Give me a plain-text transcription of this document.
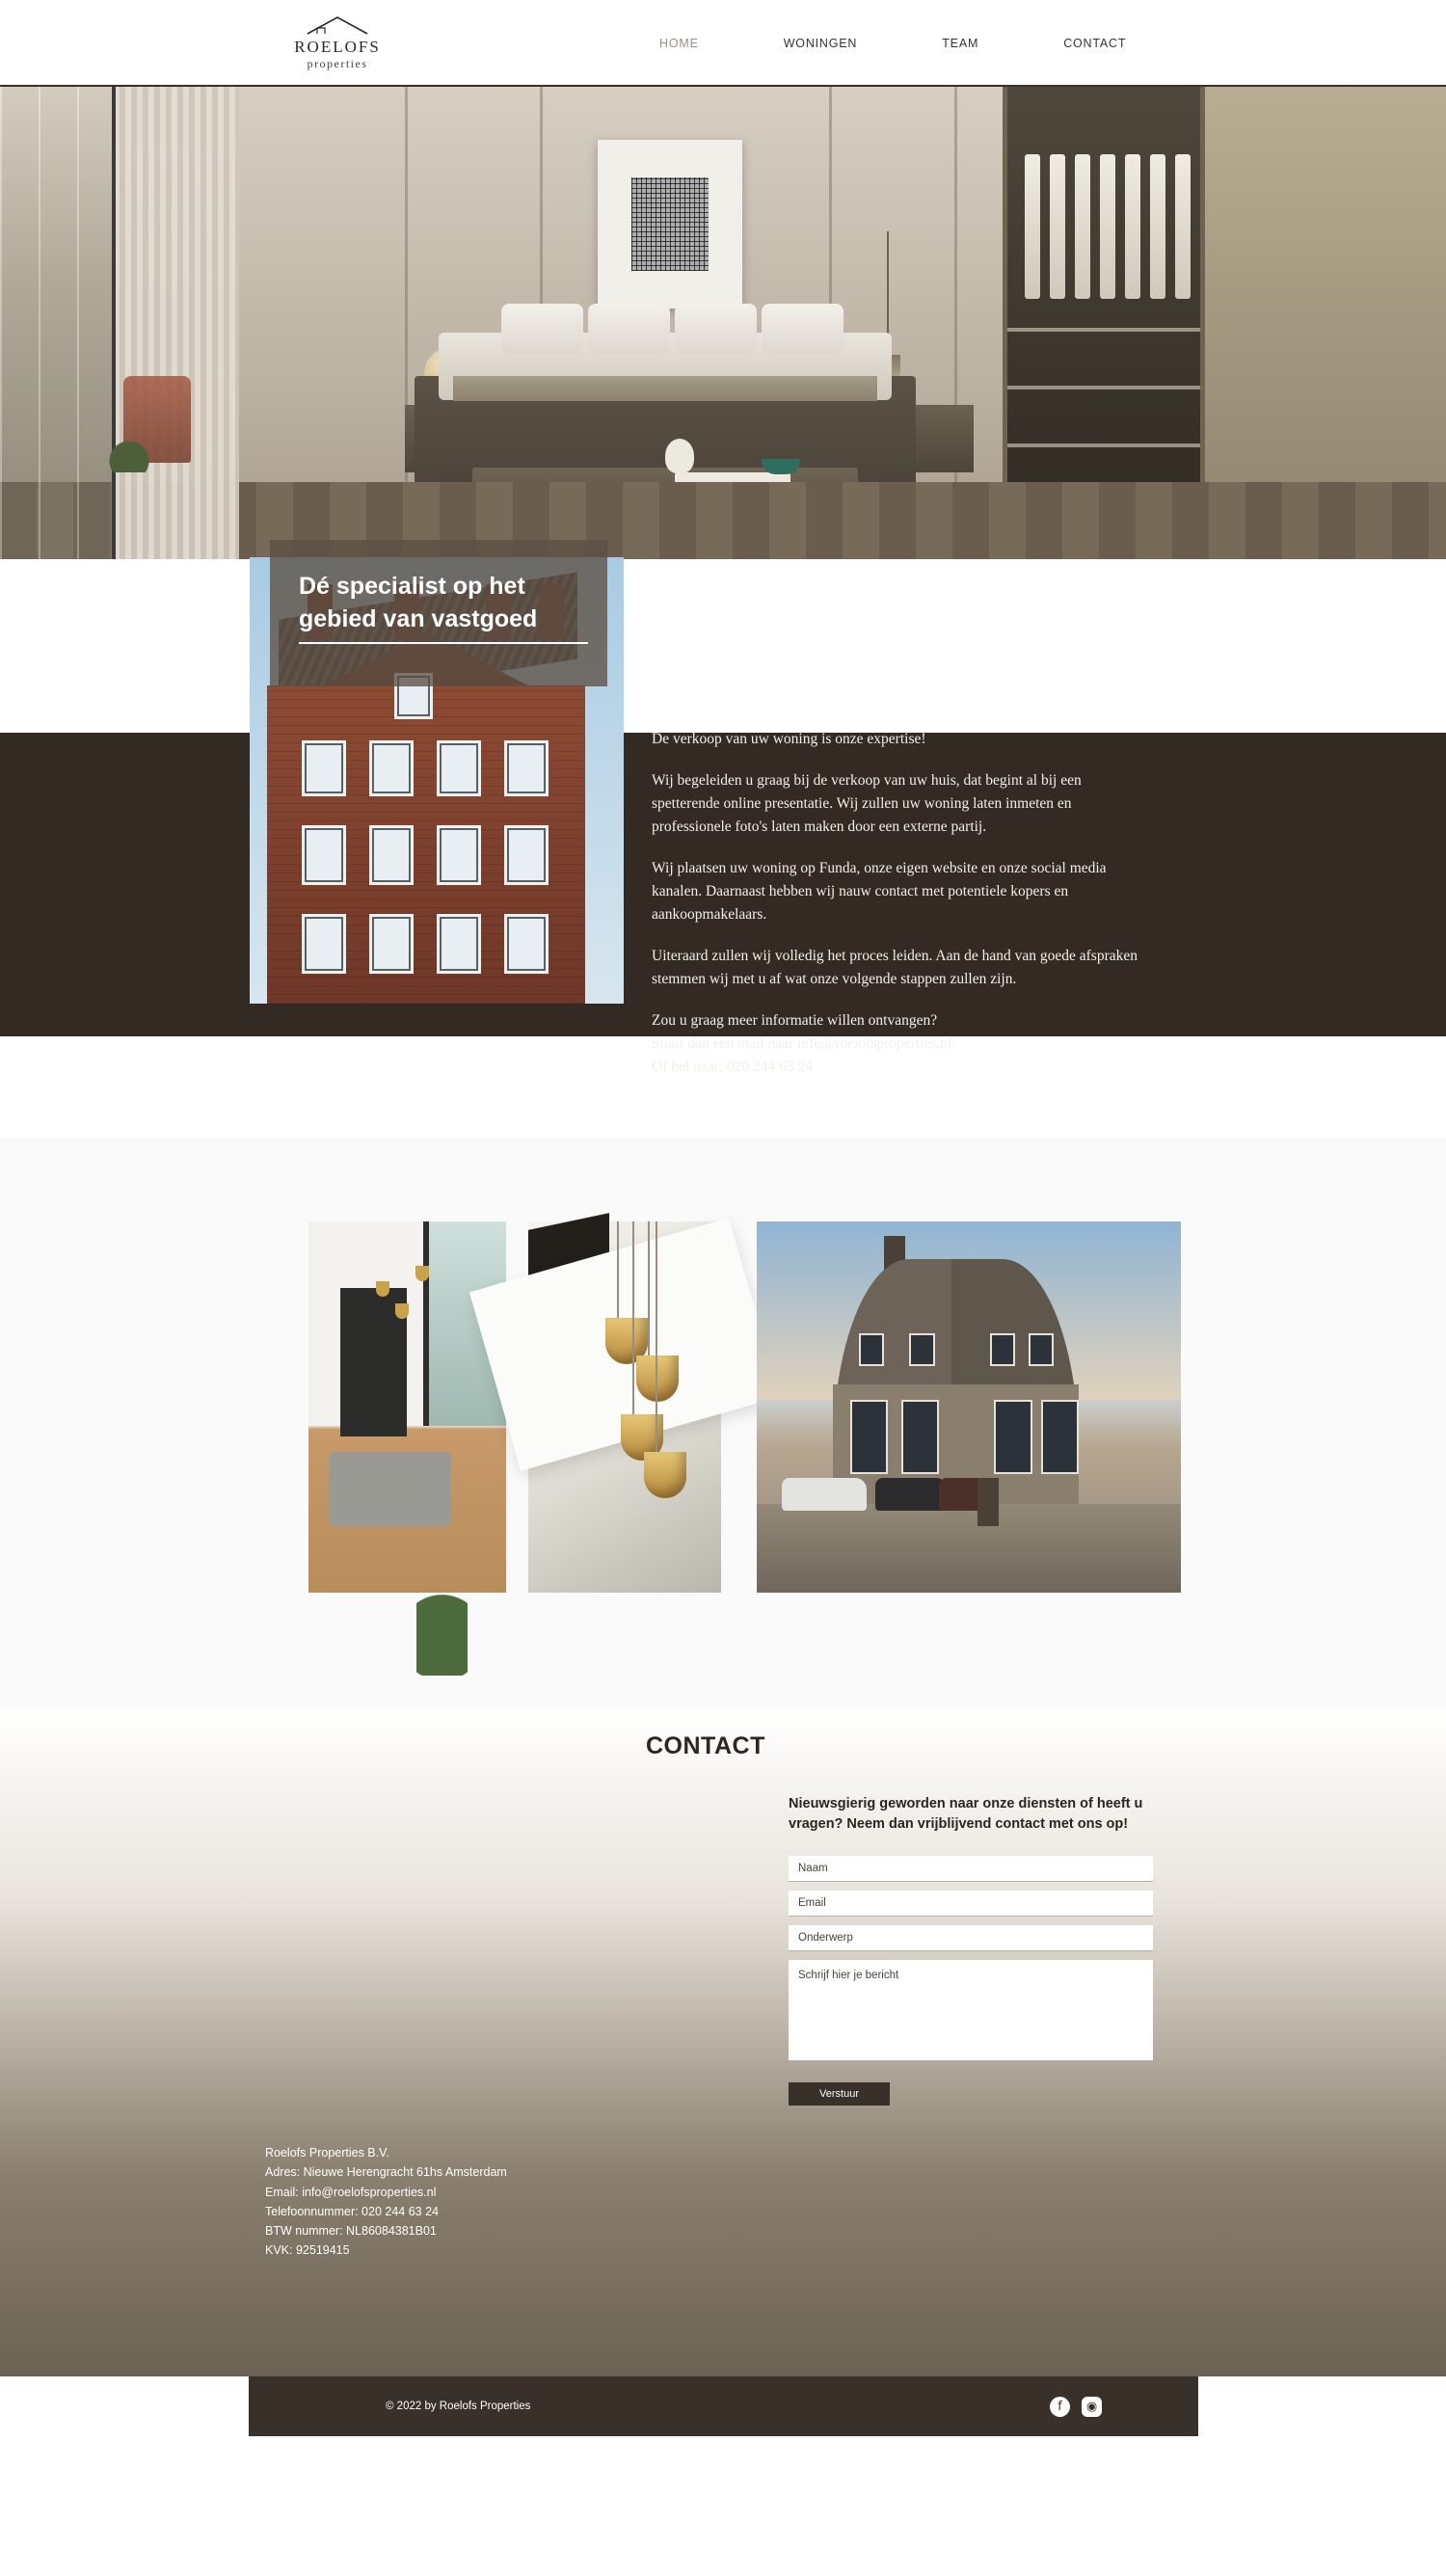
ROELOFS
properties
HOME	WONINGEN	TEAM	CONTACT
Dé specialist op het
gebied van vastgoed

De verkoop van uw woning is onze expertise!

Wij begeleiden u graag bij de verkoop van uw huis, dat begint al bij een spetterende online presentatie. Wij zullen uw woning laten inmeten en professionele foto's laten maken door een externe partij.

Wij plaatsen uw woning op Funda, onze eigen website en onze social media kanalen. Daarnaast hebben wij nauw contact met potentiele kopers en aankoopmakelaars.

Uiteraard zullen wij volledig het proces leiden. Aan de hand van goede afspraken stemmen wij met u af wat onze volgende stappen zullen zijn.

Zou u graag meer informatie willen ontvangen?

Stuur dan een mail naar info@roelofsproperties.nl

Of bel naar: 020 244 63 24

CONTACT
Nieuwsgierig geworden naar onze diensten of heeft u vragen? Neem dan vrijblijvend contact met ons op!
Naam
Email
Onderwerp
Schrijf hier je bericht Verstuur
Roelofs Properties B.V.
Adres: Nieuwe Herengracht 61hs Amsterdam
Email: info@roelofsproperties.nl
Telefoonnummer: 020 244 63 24
BTW nummer: NL86084381B01
KVK: 92519415
© 2022 by Roelofs Properties	f	◉
